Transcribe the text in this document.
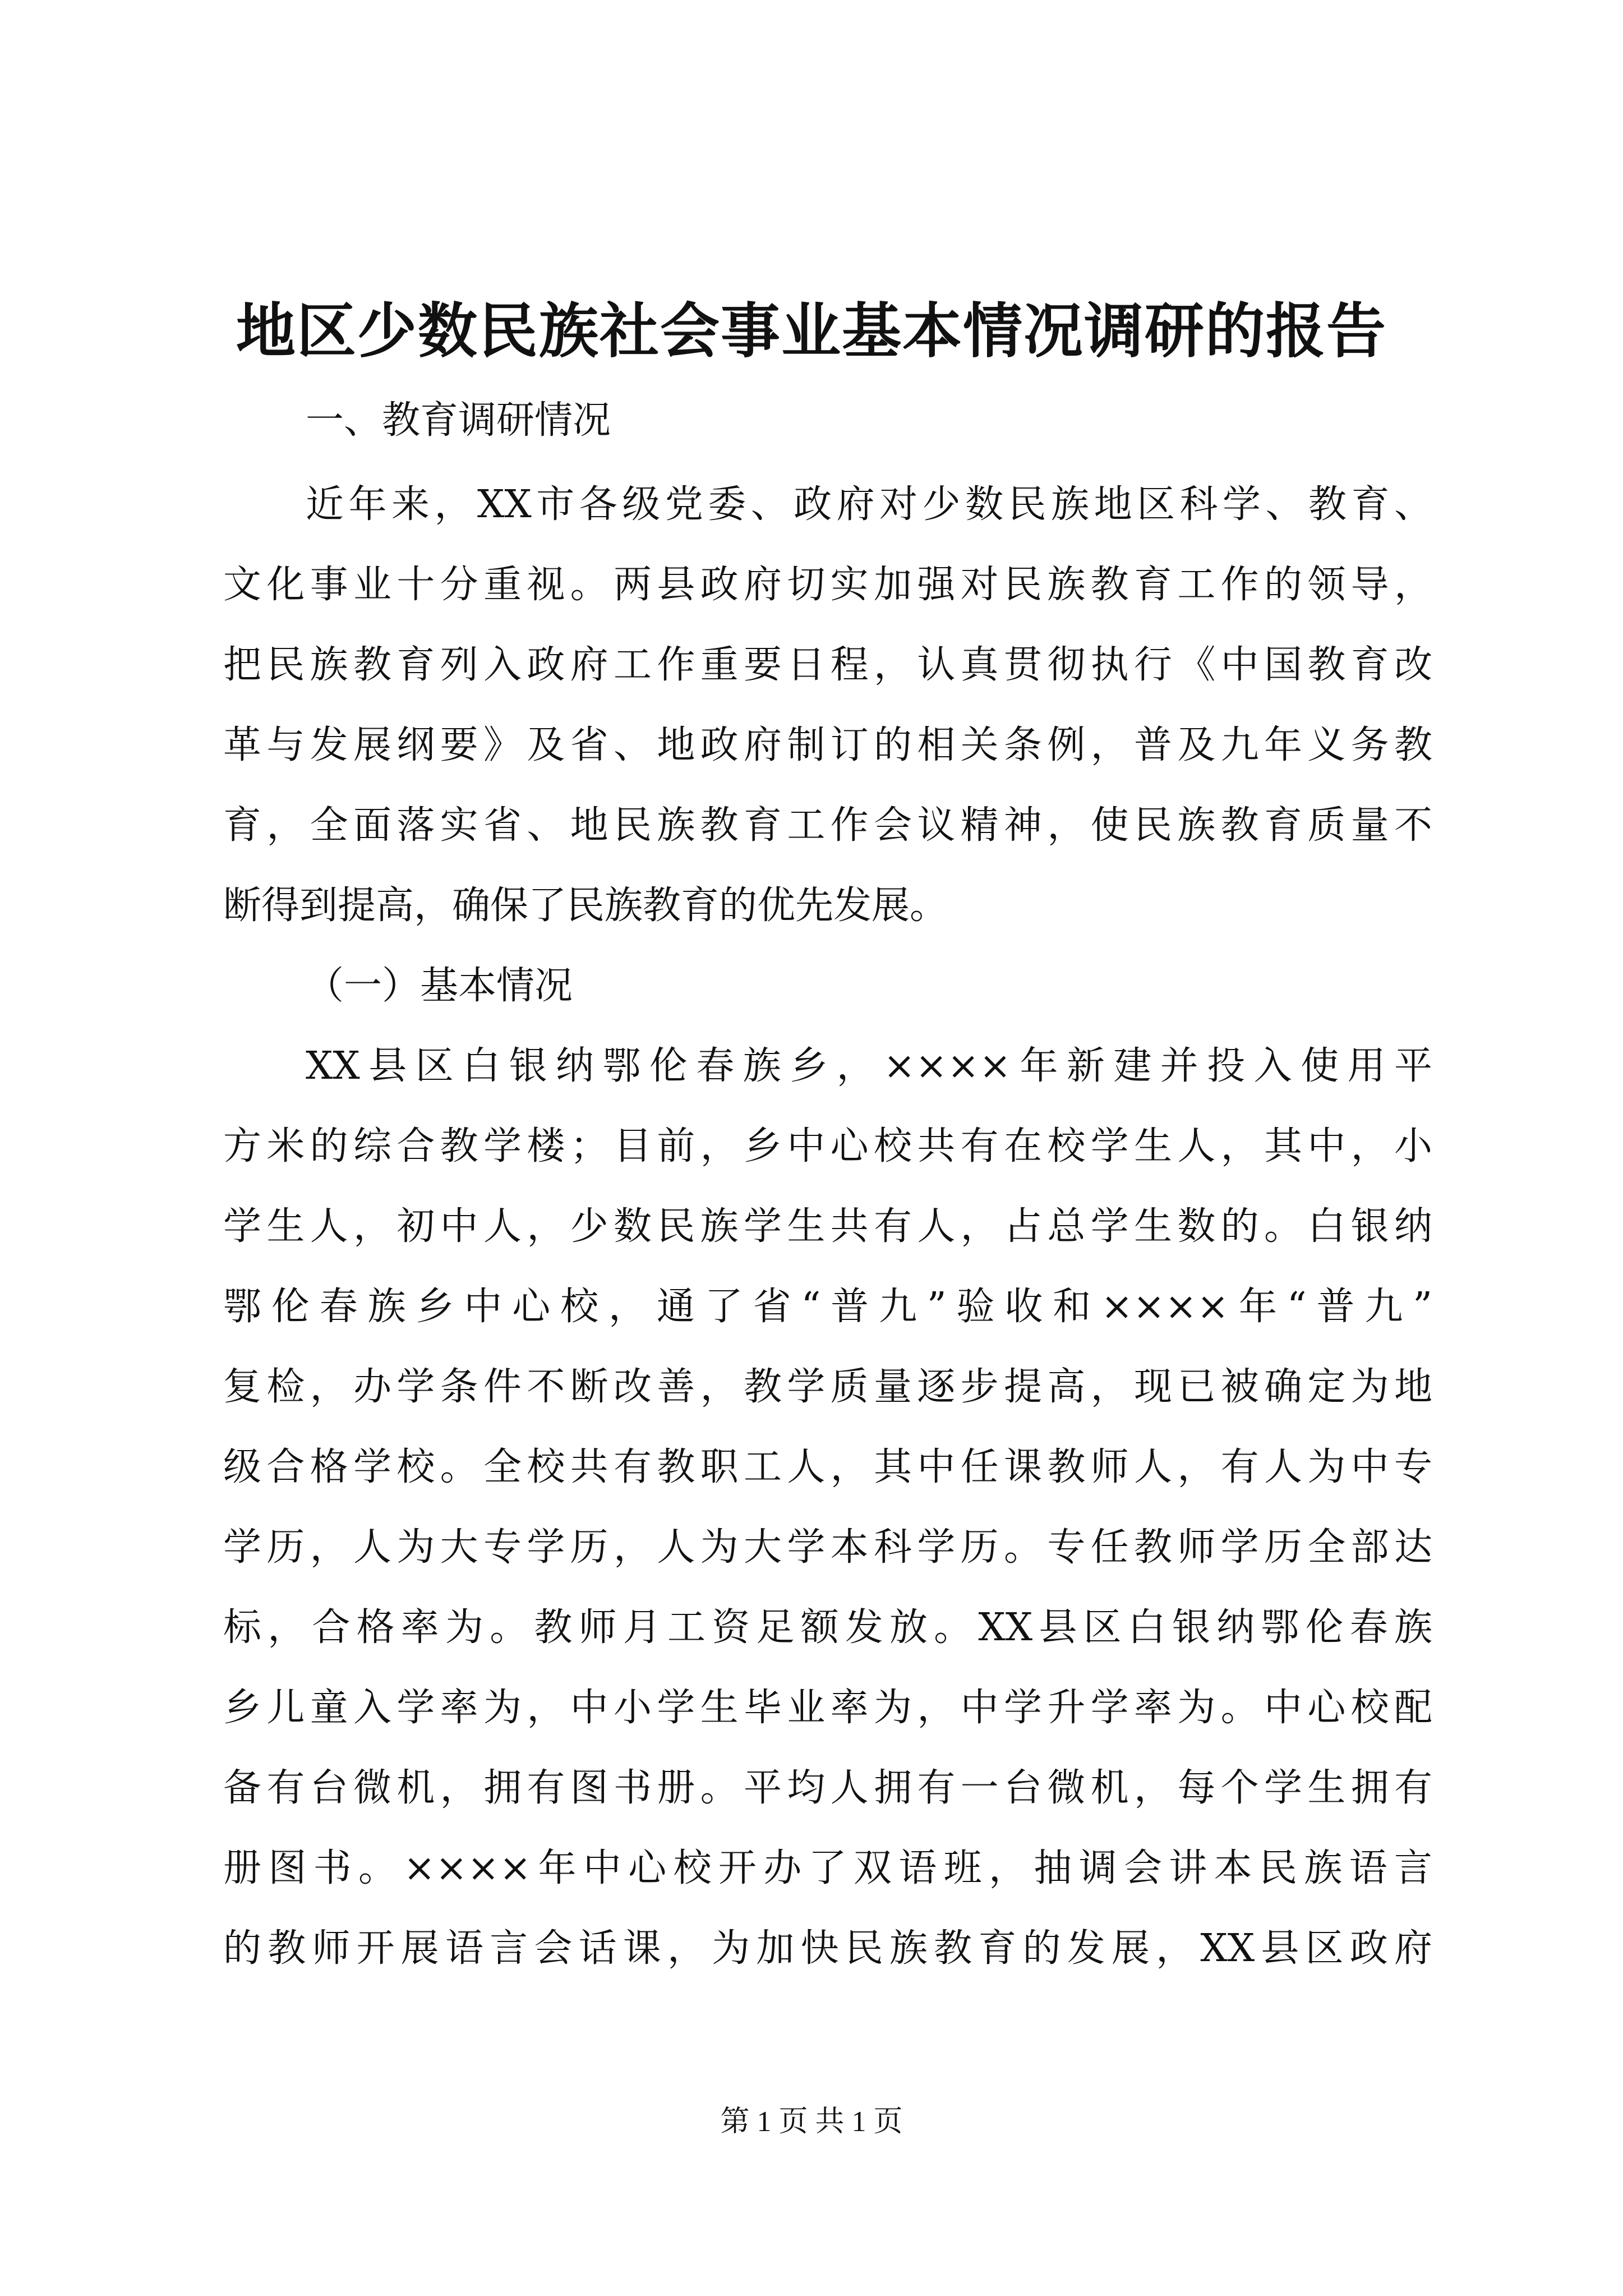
地区少数民族社会事业基本情况调研的报告

一、教育调研情况

近年来，XX市各级党委、政府对少数民族地区科学、教育、

文化事业十分重视。两县政府切实加强对民族教育工作的领导，

把民族教育列入政府工作重要日程，认真贯彻执行《中国教育改

革与发展纲要》及省、地政府制订的相关条例，普及九年义务教

育，全面落实省、地民族教育工作会议精神，使民族教育质量不

断得到提高，确保了民族教育的优先发展。

（一）基本情况

XX县区白银纳鄂伦春族乡，××××年新建并投入使用平

方米的综合教学楼；目前，乡中心校共有在校学生人，其中，小

学生人，初中人，少数民族学生共有人，占总学生数的。白银纳

鄂伦春族乡中心校，通了省“普九”验收和××××年“普九”

复检，办学条件不断改善，教学质量逐步提高，现已被确定为地

级合格学校。全校共有教职工人，其中任课教师人，有人为中专

学历，人为大专学历，人为大学本科学历。专任教师学历全部达

标，合格率为。教师月工资足额发放。XX县区白银纳鄂伦春族

乡儿童入学率为，中小学生毕业率为，中学升学率为。中心校配

备有台微机，拥有图书册。平均人拥有一台微机，每个学生拥有

册图书。××××年中心校开办了双语班，抽调会讲本民族语言

的教师开展语言会话课，为加快民族教育的发展，XX县区政府

第 1 页 共 1 页
